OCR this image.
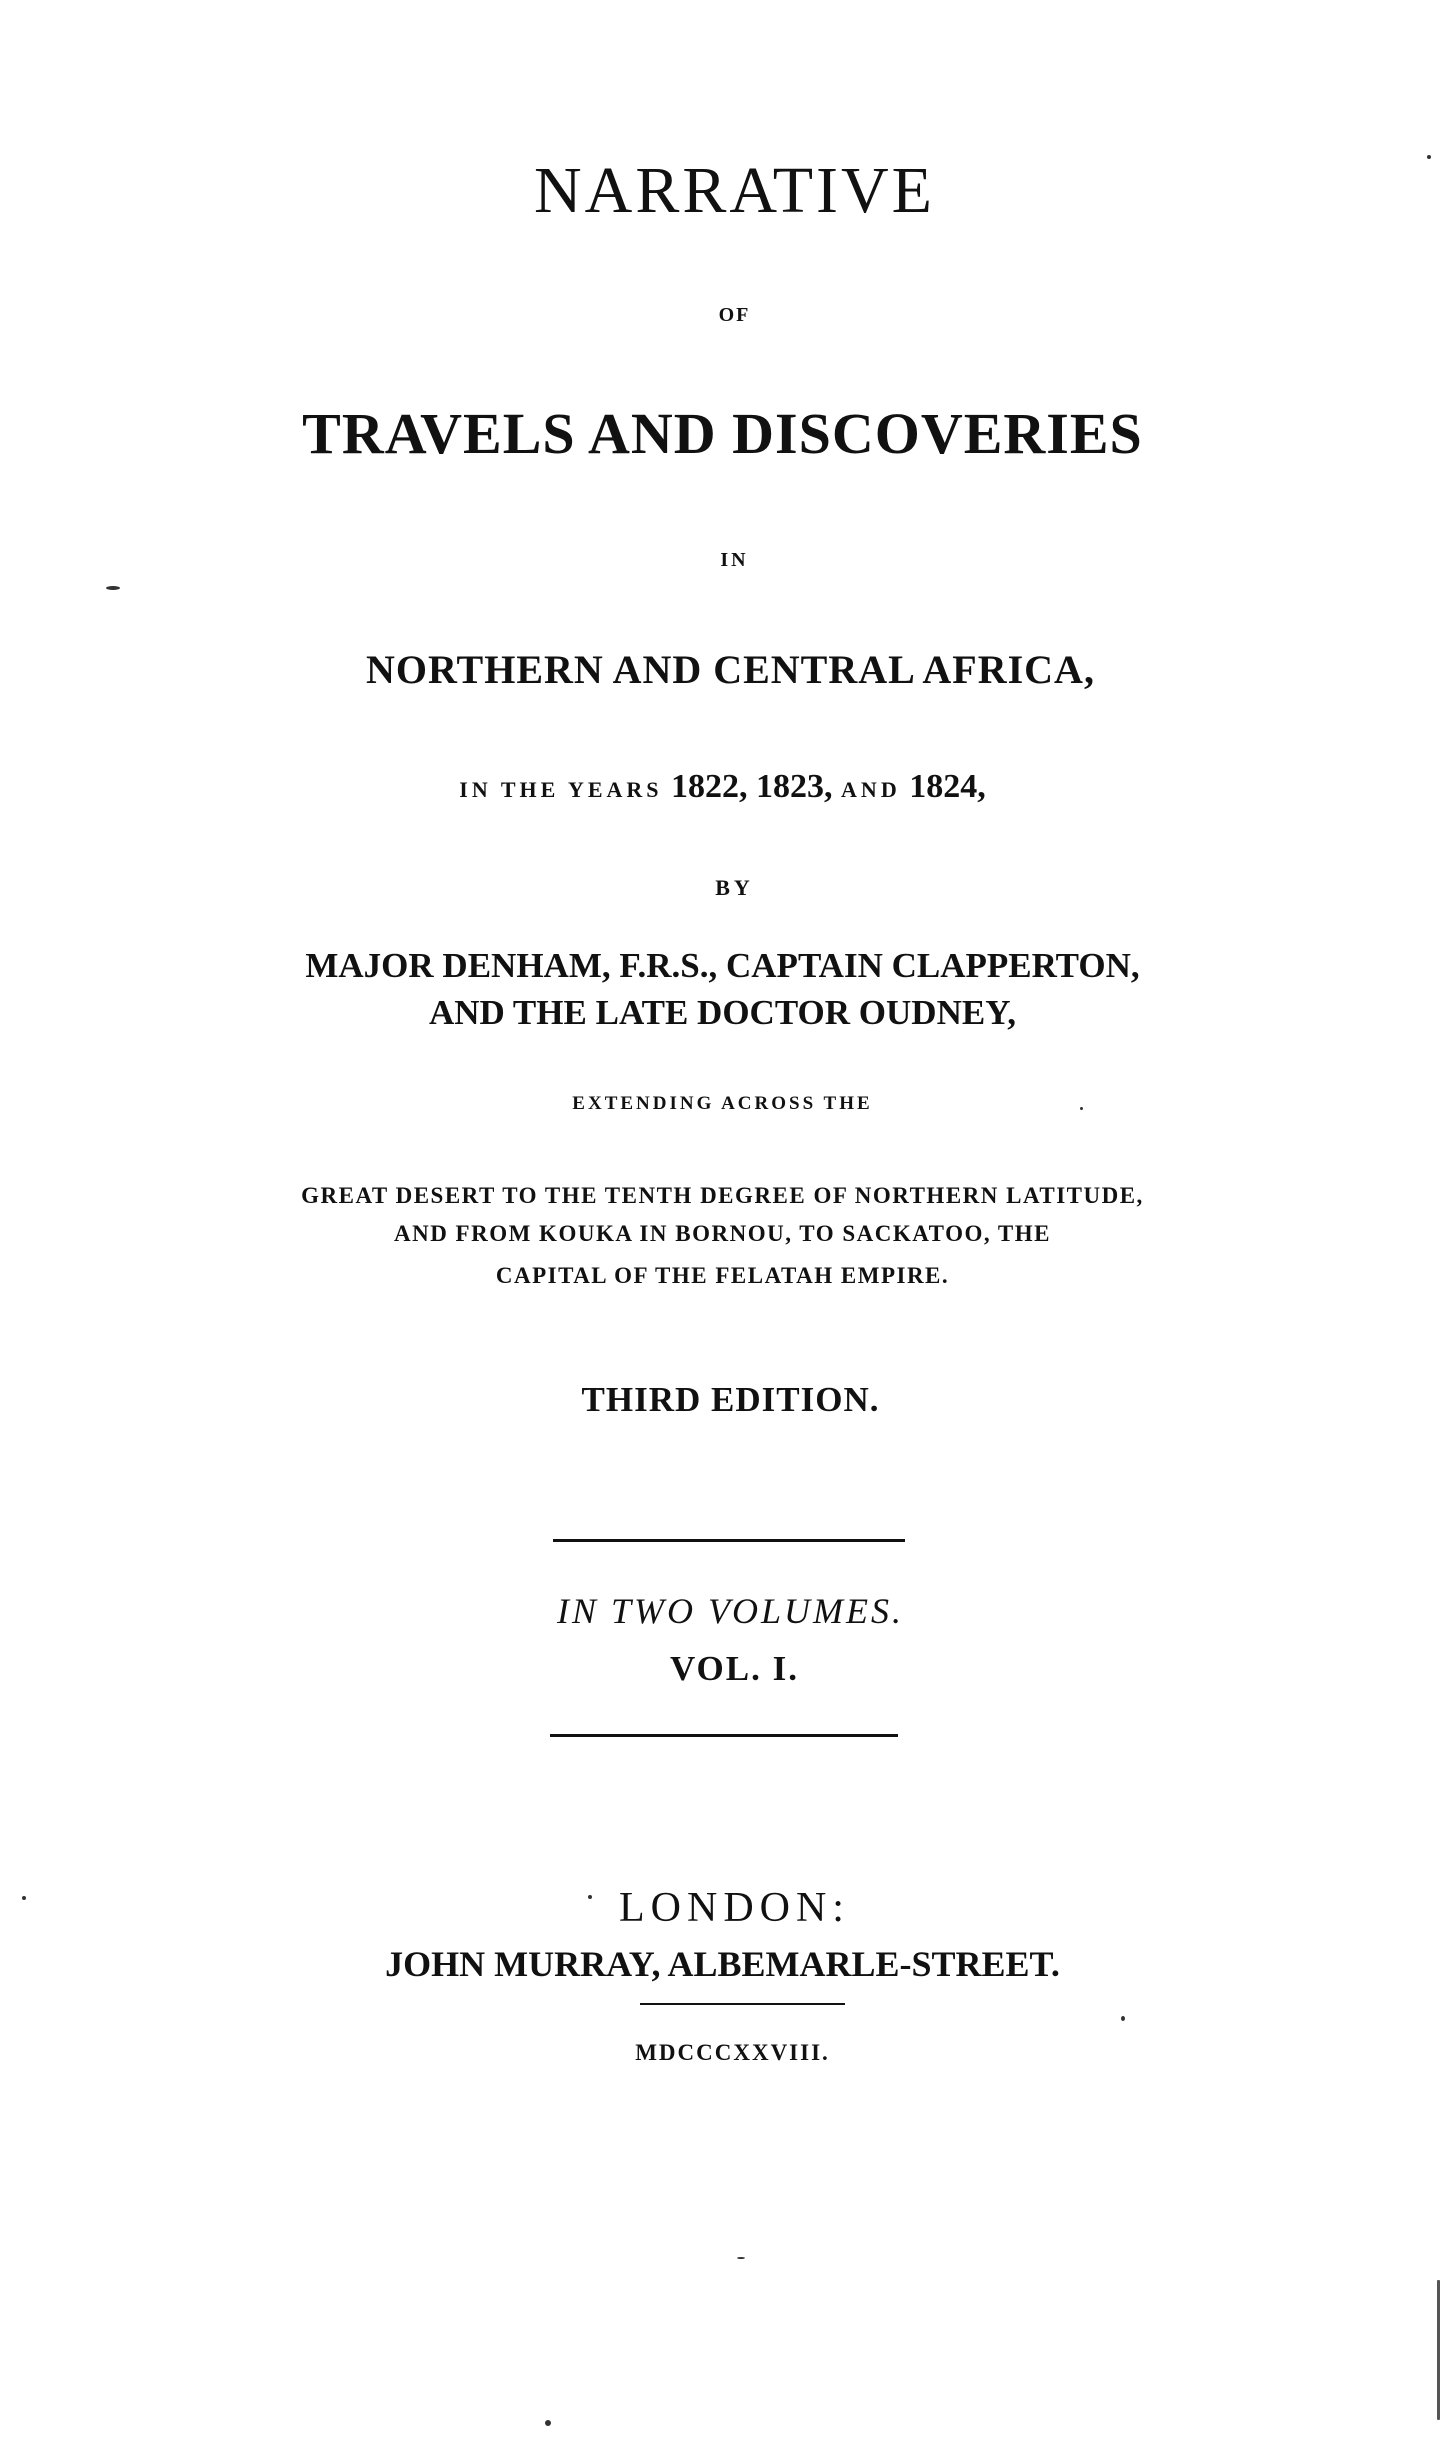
NARRATIVE
OF
TRAVELS AND DISCOVERIES
IN
NORTHERN AND CENTRAL AFRICA,
IN THE YEARS 1822, 1823, AND 1824,
BY
MAJOR DENHAM, F.R.S., CAPTAIN CLAPPERTON,
AND THE LATE DOCTOR OUDNEY,
EXTENDING ACROSS THE
GREAT DESERT TO THE TENTH DEGREE OF NORTHERN LATITUDE,
AND FROM KOUKA IN BORNOU, TO SACKATOO, THE
CAPITAL OF THE FELATAH EMPIRE.
THIRD EDITION.
IN TWO VOLUMES.
VOL. I.
LONDON:
JOHN MURRAY, ALBEMARLE-STREET.
MDCCCXXVIII.
